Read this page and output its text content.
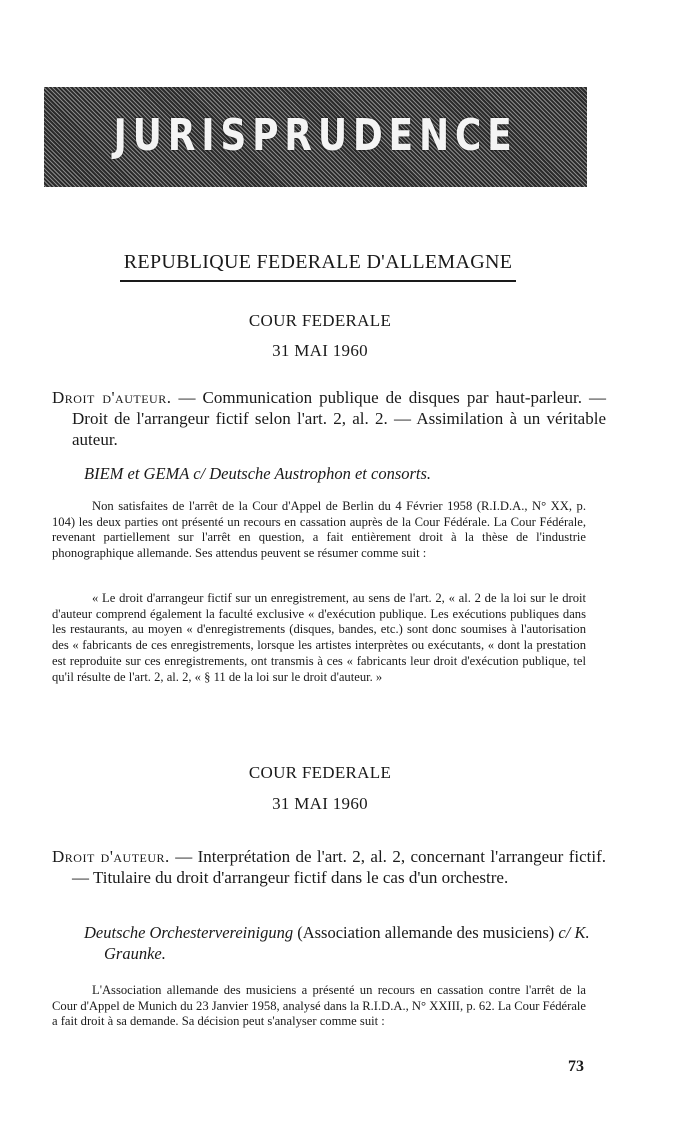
JURISPRUDENCE
REPUBLIQUE FEDERALE D'ALLEMAGNE
COUR FEDERALE
31 MAI 1960
Droit d'auteur. — Communication publique de disques par haut-parleur. — Droit de l'arrangeur fictif selon l'art. 2, al. 2. — Assimilation à un véritable auteur.
BIEM et GEMA c/ Deutsche Austrophon et consorts.
Non satisfaites de l'arrêt de la Cour d'Appel de Berlin du 4 Février 1958 (R.I.D.A., N° XX, p. 104) les deux parties ont présenté un recours en cassation auprès de la Cour Fédérale. La Cour Fédérale, revenant partiellement sur l'arrêt en question, a fait entièrement droit à la thèse de l'industrie phonographique allemande. Ses attendus peuvent se résumer comme suit :
« Le droit d'arrangeur fictif sur un enregistrement, au sens de l'art. 2, « al. 2 de la loi sur le droit d'auteur comprend également la faculté exclusive « d'exécution publique. Les exécutions publiques dans les restaurants, au moyen « d'enregistrements (disques, bandes, etc.) sont donc soumises à l'autorisation des « fabricants de ces enregistrements, lorsque les artistes interprètes ou exécutants, « dont la prestation est reproduite sur ces enregistrements, ont transmis à ces « fabricants leur droit d'exécution publique, tel qu'il résulte de l'art. 2, al. 2, « § 11 de la loi sur le droit d'auteur. »
COUR FEDERALE
31 MAI 1960
Droit d'auteur. — Interprétation de l'art. 2, al. 2, concernant l'arrangeur fictif. — Titulaire du droit d'arrangeur fictif dans le cas d'un orchestre.
Deutsche Orchestervereinigung (Association allemande des musiciens) c/ K. Graunke.
L'Association allemande des musiciens a présenté un recours en cassation contre l'arrêt de la Cour d'Appel de Munich du 23 Janvier 1958, analysé dans la R.I.D.A., N° XXIII, p. 62. La Cour Fédérale a fait droit à sa demande. Sa décision peut s'analyser comme suit :
73
